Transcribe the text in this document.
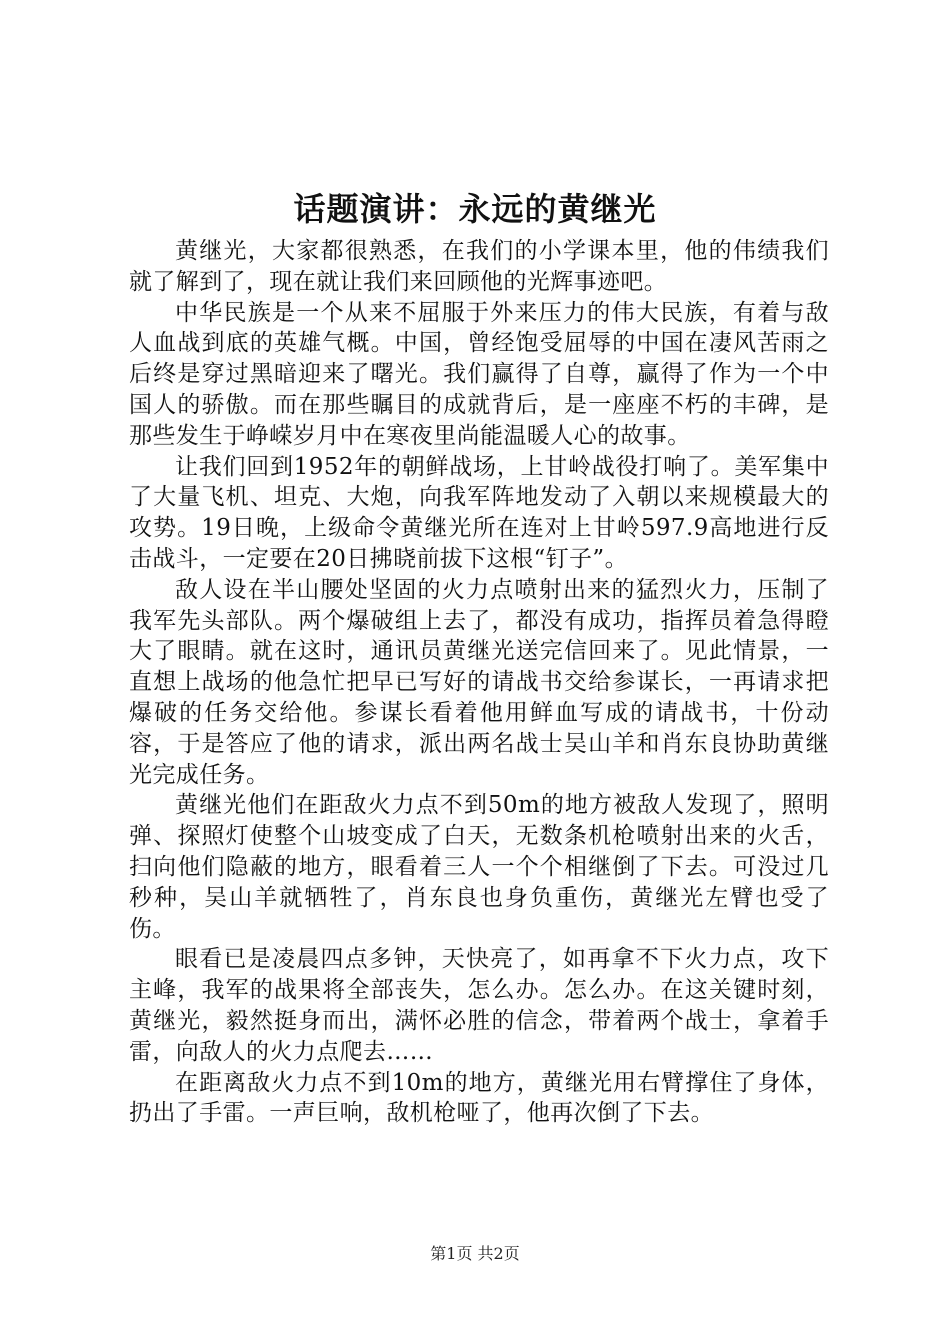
话题演讲：永远的黄继光

黄继光，大家都很熟悉，在我们的小学课本里，他的伟绩我们就了解到了，现在就让我们来回顾他的光辉事迹吧。

中华民族是一个从来不屈服于外来压力的伟大民族，有着与敌人血战到底的英雄气概。中国，曾经饱受屈辱的中国在凄风苦雨之后终是穿过黑暗迎来了曙光。我们赢得了自尊，赢得了作为一个中国人的骄傲。而在那些瞩目的成就背后，是一座座不朽的丰碑，是那些发生于峥嵘岁月中在寒夜里尚能温暖人心的故事。

让我们回到1952年的朝鲜战场，上甘岭战役打响了。美军集中了大量飞机、坦克、大炮，向我军阵地发动了入朝以来规模最大的攻势。19日晚，上级命令黄继光所在连对上甘岭597.9高地进行反击战斗，一定要在20日拂晓前拔下这根“钉子”。

敌人设在半山腰处坚固的火力点喷射出来的猛烈火力，压制了我军先头部队。两个爆破组上去了，都没有成功，指挥员着急得瞪大了眼睛。就在这时，通讯员黄继光送完信回来了。见此情景，一直想上战场的他急忙把早已写好的请战书交给参谋长，一再请求把爆破的任务交给他。参谋长看着他用鲜血写成的请战书，十份动容，于是答应了他的请求，派出两名战士吴山羊和肖东良协助黄继光完成任务。

黄继光他们在距敌火力点不到50m的地方被敌人发现了，照明弹、探照灯使整个山坡变成了白天，无数条机枪喷射出来的火舌，扫向他们隐蔽的地方，眼看着三人一个个相继倒了下去。可没过几秒种，吴山羊就牺牲了，肖东良也身负重伤，黄继光左臂也受了伤。

眼看已是凌晨四点多钟，天快亮了，如再拿不下火力点，攻下主峰，我军的战果将全部丧失，怎么办。怎么办。在这关键时刻，黄继光，毅然挺身而出，满怀必胜的信念，带着两个战士，拿着手雷，向敌人的火力点爬去……

在距离敌火力点不到10m的地方，黄继光用右臂撑住了身体，扔出了手雷。一声巨响，敌机枪哑了，他再次倒了下去。

第1页 共2页
